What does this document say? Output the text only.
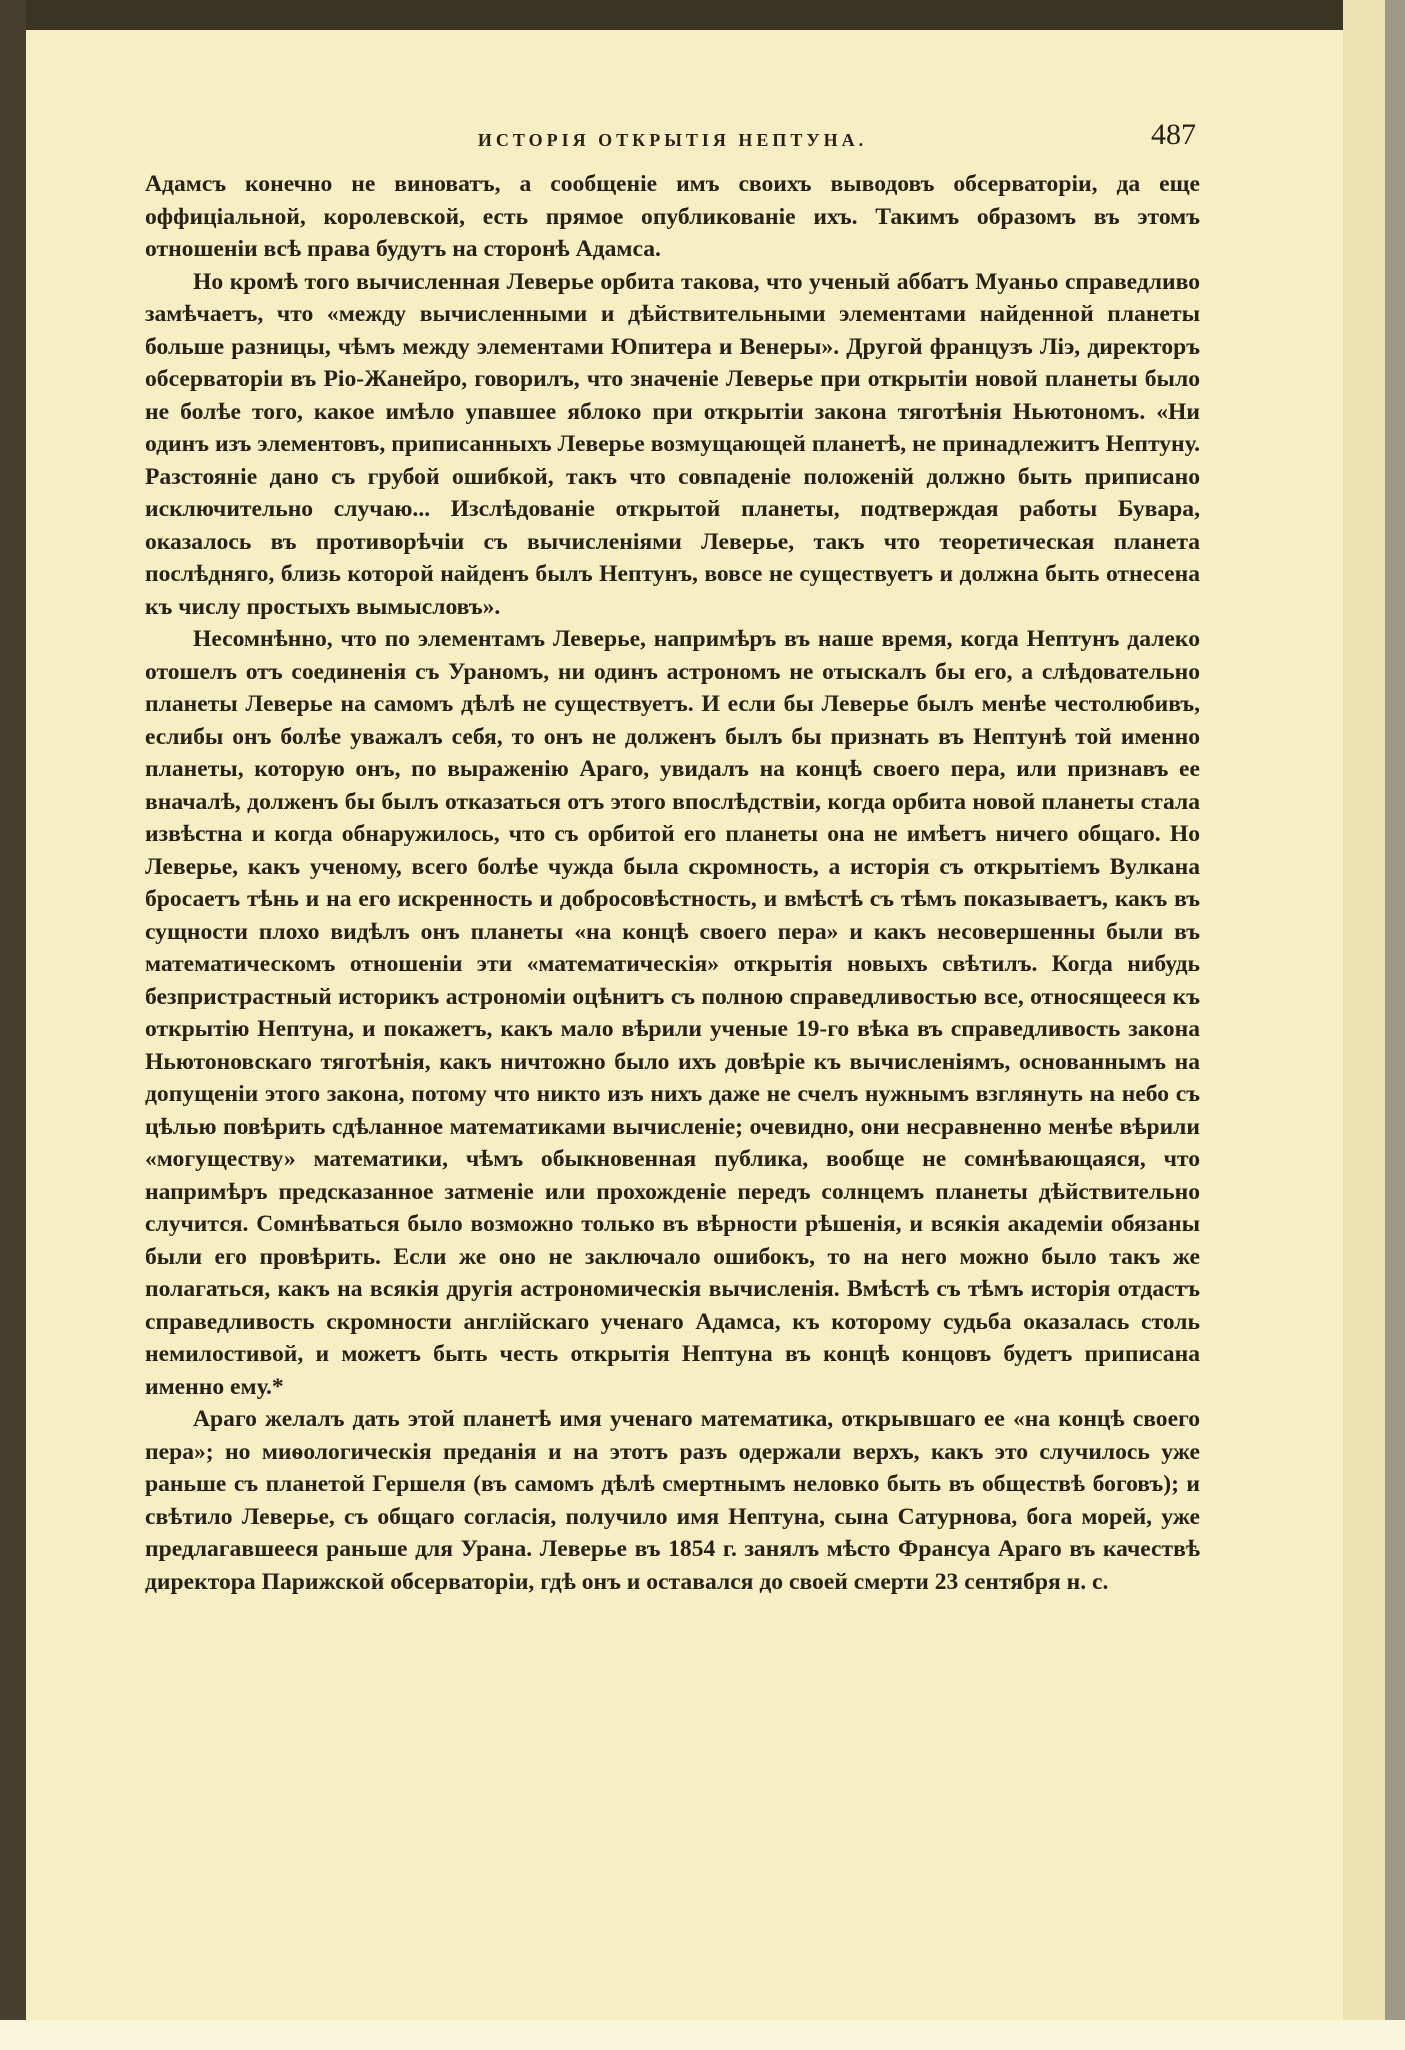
ИСТОРІЯ ОТКРЫТІЯ НЕПТУНА.	487

Адамсъ конечно не виноватъ, а сообщеніе имъ своихъ выводовъ обсерваторіи, да еще оффиціальной, королевской, есть прямое опубликованіе ихъ. Такимъ образомъ въ этомъ отношеніи всѣ права будутъ на сторонѣ Адамса.

Но кромѣ того вычисленная Леверье орбита такова, что ученый аббатъ Муаньо справедливо замѣчаетъ, что «между вычисленными и дѣйствительными элементами найденной планеты больше разницы, чѣмъ между элементами Юпитера и Венеры». Другой французъ Ліэ, директоръ обсерваторіи въ Ріо-Жанейро, говорилъ, что значеніе Леверье при открытіи новой планеты было не болѣе того, какое имѣло упавшее яблоко при открытіи закона тяготѣнія Ньютономъ. «Ни одинъ изъ элементовъ, приписанныхъ Леверье возмущающей планетѣ, не принадлежитъ Нептуну. Разстояніе дано съ грубой ошибкой, такъ что совпаденіе положеній должно быть приписано исключительно случаю... Изслѣдованіе открытой планеты, подтверждая работы Бувара, оказалось въ противорѣчіи съ вычисленіями Леверье, такъ что теоретическая планета послѣдняго, близь которой найденъ былъ Нептунъ, вовсе не существуетъ и должна быть отнесена къ числу простыхъ вымысловъ».

Несомнѣнно, что по элементамъ Леверье, напримѣръ въ наше время, когда Нептунъ далеко отошелъ отъ соединенія съ Ураномъ, ни одинъ астрономъ не отыскалъ бы его, а слѣдовательно планеты Леверье на самомъ дѣлѣ не существуетъ. И если бы Леверье былъ менѣе честолюбивъ, еслибы онъ болѣе уважалъ себя, то онъ не долженъ былъ бы признать въ Нептунѣ той именно планеты, которую онъ, по выраженію Араго, увидалъ на концѣ своего пера, или признавъ ее вначалѣ, долженъ бы былъ отказаться отъ этого впослѣдствіи, когда орбита новой планеты стала извѣстна и когда обнаружилось, что съ орбитой его планеты она не имѣетъ ничего общаго. Но Леверье, какъ ученому, всего болѣе чужда была скромность, а исторія съ открытіемъ Вулкана бросаетъ тѣнь и на его искренность и добросовѣстность, и вмѣстѣ съ тѣмъ показываетъ, какъ въ сущности плохо видѣлъ онъ планеты «на концѣ своего пера» и какъ несовершенны были въ математическомъ отношеніи эти «математическія» открытія новыхъ свѣтилъ. Когда нибудь безпристрастный историкъ астрономіи оцѣнитъ съ полною справедливостью все, относящееся къ открытію Нептуна, и покажетъ, какъ мало вѣрили ученые 19-го вѣка въ справедливость закона Ньютоновскаго тяготѣнія, какъ ничтожно было ихъ довѣріе къ вычисленіямъ, основаннымъ на допущеніи этого закона, потому что никто изъ нихъ даже не счелъ нужнымъ взглянуть на небо съ цѣлью повѣрить сдѣланное математиками вычисленіе; очевидно, они несравненно менѣе вѣрили «могуществу» математики, чѣмъ обыкновенная публика, вообще не сомнѣвающаяся, что напримѣръ предсказанное затменіе или прохожденіе передъ солнцемъ планеты дѣйствительно случится. Сомнѣваться было возможно только въ вѣрности рѣшенія, и всякія академіи обязаны были его провѣрить. Если же оно не заключало ошибокъ, то на него можно было такъ же полагаться, какъ на всякія другія астрономическія вычисленія. Вмѣстѣ съ тѣмъ исторія отдастъ справедливость скромности англійскаго ученаго Адамса, къ которому судьба оказалась столь немилостивой, и можетъ быть честь открытія Нептуна въ концѣ концовъ будетъ приписана именно ему.*

Араго желалъ дать этой планетѣ имя ученаго математика, открывшаго ее «на концѣ своего пера»; но миѳологическія преданія и на этотъ разъ одержали верхъ, какъ это случилось уже раньше съ планетой Гершеля (въ самомъ дѣлѣ смертнымъ неловко быть въ обществѣ боговъ); и свѣтило Леверье, съ общаго согласія, получило имя Нептуна, сына Сатурнова, бога морей, уже предлагавшееся раньше для Урана. Леверье въ 1854 г. занялъ мѣсто Франсуа Араго въ качествѣ директора Парижской обсерваторіи, гдѣ онъ и оставался до своей смерти 23 сентября н. с.
